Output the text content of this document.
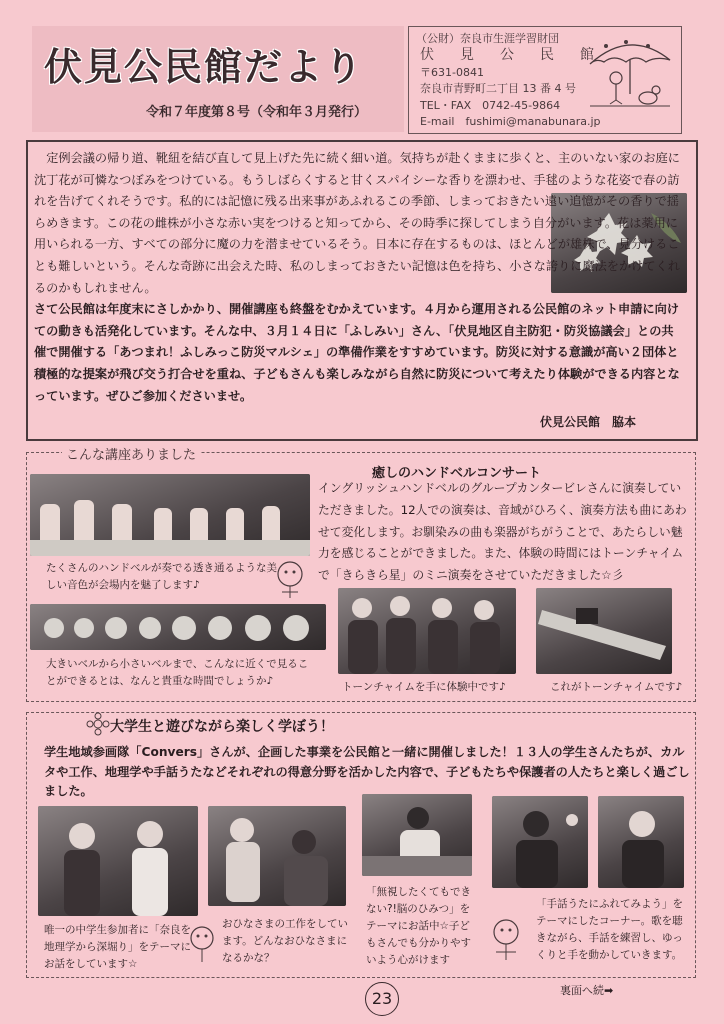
伏見公民館だより
令和７年度第８号（令和年３月発行）
（公財）奈良市生涯学習財団
伏　見　公　民　館
〒631-0841
奈良市青野町二丁目 13 番 4 号
TEL・FAX　0742-45-9864
E-mail　fushimi@manabunara.jp

定例会議の帰り道、靴紐を結び直して見上げた先に続く細い道。気持ちが赴くままに歩くと、主のいない家のお庭に沈丁花が可憐なつぼみをつけている。もうしばらくすると甘くスパイシーな香りを漂わせ、手毬のような花姿で春の訪れを告げてくれそうです。私的には記憶に残る出来事があふれるこの季節、しまっておきたい遠い追憶がその香りで揺らめきます。この花の雌株が小さな赤い実をつけると知ってから、その時季に探してしまう自分がいます。花は薬用に用いられる一方、すべての部分に魔の力を潜ませているそう。日本に存在するものは、ほとんどが雄株で、見分けることも難しいという。そんな奇跡に出会えた時、私のしまっておきたい記憶は色を持ち、小さな誇りに魔法をかけてくれるのかもしれません。

さて公民館は年度末にさしかかり、開催講座も終盤をむかえています。４月から運用される公民館のネット申請に向けての動きも活発化しています。そんな中、３月１４日に「ふしみい」さん、「伏見地区自主防犯・防災協議会」との共催で開催する「あつまれ！ふしみっこ防災マルシェ」の準備作業をすすめています。防災に対する意識が高い２団体と積極的な提案が飛び交う打合せを重ね、子どもさんも楽しみながら自然に防災について考えたり体験ができる内容となっています。ぜひご参加くださいませ。

伏見公民館　脇本
こんな講座ありました
癒しのハンドベルコンサート
イングリッシュハンドベルのグループカンタービレさんに演奏していただきました。12人での演奏は、音域がひろく、演奏方法も曲にあわせて変化します。お馴染みの曲も楽器がちがうことで、あたらしい魅力を感じることができました。また、体験の時間にはトーンチャイムで「きらきら星」のミニ演奏をさせていただきました☆彡
たくさんのハンドベルが奏でる透き通るような美しい音色が会場内を魅了します♪
大きいベルから小さいベルまで、こんなに近くで見ることができるとは、なんと貴重な時間でしょうか♪	トーンチャイムを手に体験中です♪	これがトーンチャイムです♪
大学生と遊びながら楽しく学ぼう！
学生地域参画隊「Convers」さんが、企画した事業を公民館と一緒に開催しました！１３人の学生さんたちが、カルタや工作、地理学や手話うたなどそれぞれの得意分野を活かした内容で、子どもたちや保護者の人たちと楽しく過ごしました。
唯一の中学生参加者に「奈良を地理学から深堀り」をテーマにお話をしています☆
おひなさまの工作をしています。どんなおひなさまになるかな？
「無視したくてもできない?!脳のひみつ」をテーマにお話中☆子どもさんでも分かりやすいよう心がけます
「手話うたにふれてみよう」をテーマにしたコーナー。歌を聴きながら、手話を練習し、ゆっくりと手を動かしていきます。
23	裏面へ続➡
